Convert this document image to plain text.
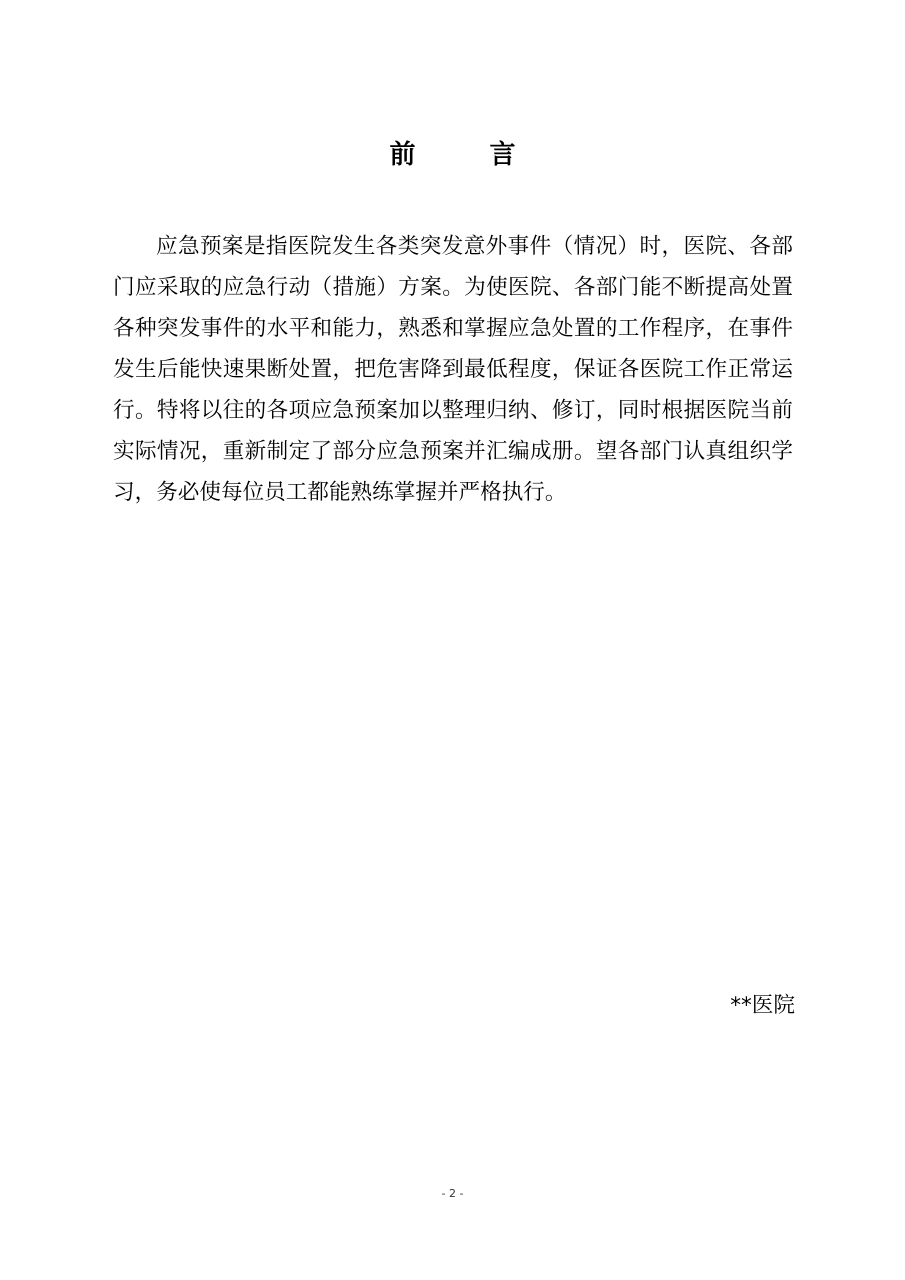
前　言

应急预案是指医院发生各类突发意外事件（情况）时，医院、各部门应采取的应急行动（措施）方案。为使医院、各部门能不断提高处置各种突发事件的水平和能力，熟悉和掌握应急处置的工作程序，在事件发生后能快速果断处置，把危害降到最低程度，保证各医院工作正常运行。特将以往的各项应急预案加以整理归纳、修订，同时根据医院当前实际情况，重新制定了部分应急预案并汇编成册。望各部门认真组织学习，务必使每位员工都能熟练掌握并严格执行。

**医院
- 2 -
